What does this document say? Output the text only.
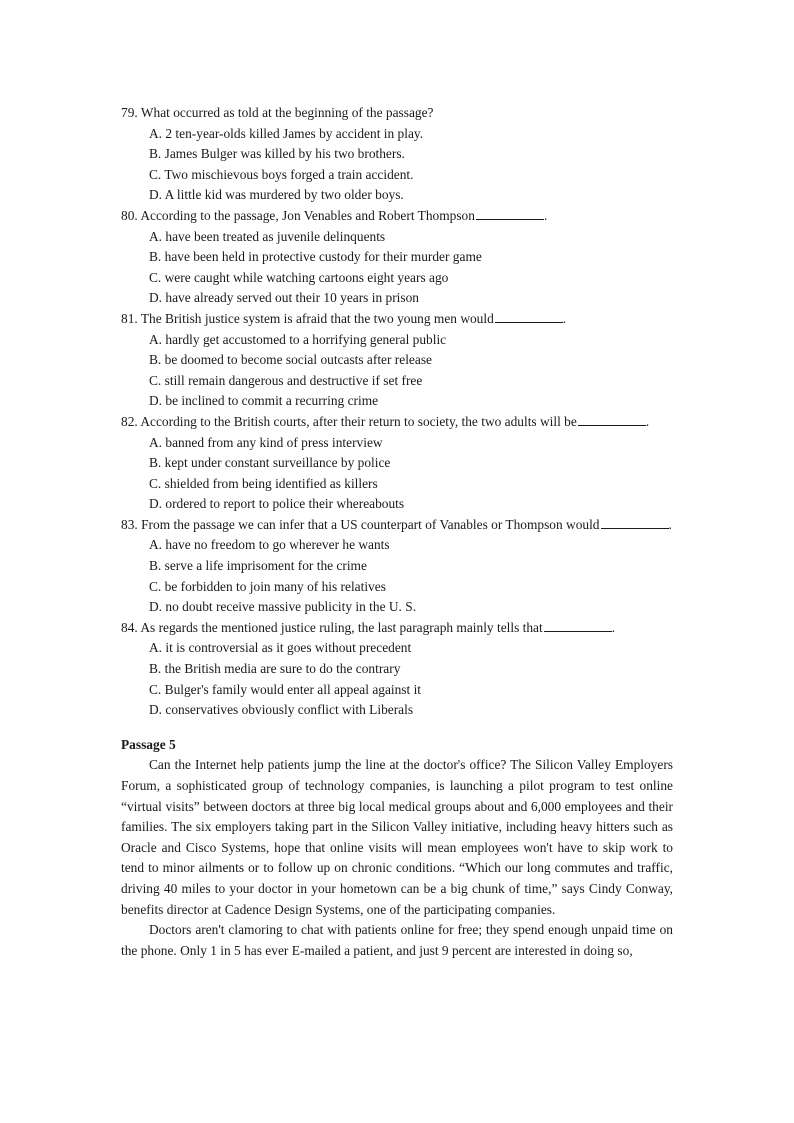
79. What occurred as told at the beginning of the passage?
A. 2 ten-year-olds killed James by accident in play.
B. James Bulger was killed by his two brothers.
C. Two mischievous boys forged a train accident.
D. A little kid was murdered by two older boys.
80. According to the passage, Jon Venables and Robert Thompson	.
A. have been treated as juvenile delinquents
B. have been held in protective custody for their murder game
C. were caught while watching cartoons eight years ago
D. have already served out their 10 years in prison
81. The British justice system is afraid that the two young men would	.
A. hardly get accustomed to a horrifying general public
B. be doomed to become social outcasts after release
C. still remain dangerous and destructive if set free
D. be inclined to commit a recurring crime
82. According to the British courts, after their return to society, the two adults will be	.
A. banned from any kind of press interview
B. kept under constant surveillance by police
C. shielded from being identified as killers
D. ordered to report to police their whereabouts
83. From the passage we can infer that a US counterpart of Vanables or Thompson would	.
A. have no freedom to go wherever he wants
B. serve a life imprisoment for the crime
C. be forbidden to join many of his relatives
D. no doubt receive massive publicity in the U. S.
84. As regards the mentioned justice ruling, the last paragraph mainly tells that	.
A. it is controversial as it goes without precedent
B. the British media are sure to do the contrary
C. Bulger's family would enter all appeal against it
D. conservatives obviously conflict with Liberals
Passage 5

Can the Internet help patients jump the line at the doctor's office? The Silicon Valley Employers Forum, a sophisticated group of technology companies, is launching a pilot program to test online “virtual visits” between doctors at three big local medical groups about and 6,000 employees and their families. The six employers taking part in the Silicon Valley initiative, including heavy hitters such as Oracle and Cisco Systems, hope that online visits will mean employees won't have to skip work to tend to minor ailments or to follow up on chronic conditions. “Which our long commutes and traffic, driving 40 miles to your doctor in your hometown can be a big chunk of time,” says Cindy Conway, benefits director at Cadence Design Systems, one of the participating companies.

Doctors aren't clamoring to chat with patients online for free; they spend enough unpaid time on the phone. Only 1 in 5 has ever E-mailed a patient, and just 9 percent are interested in doing so,
